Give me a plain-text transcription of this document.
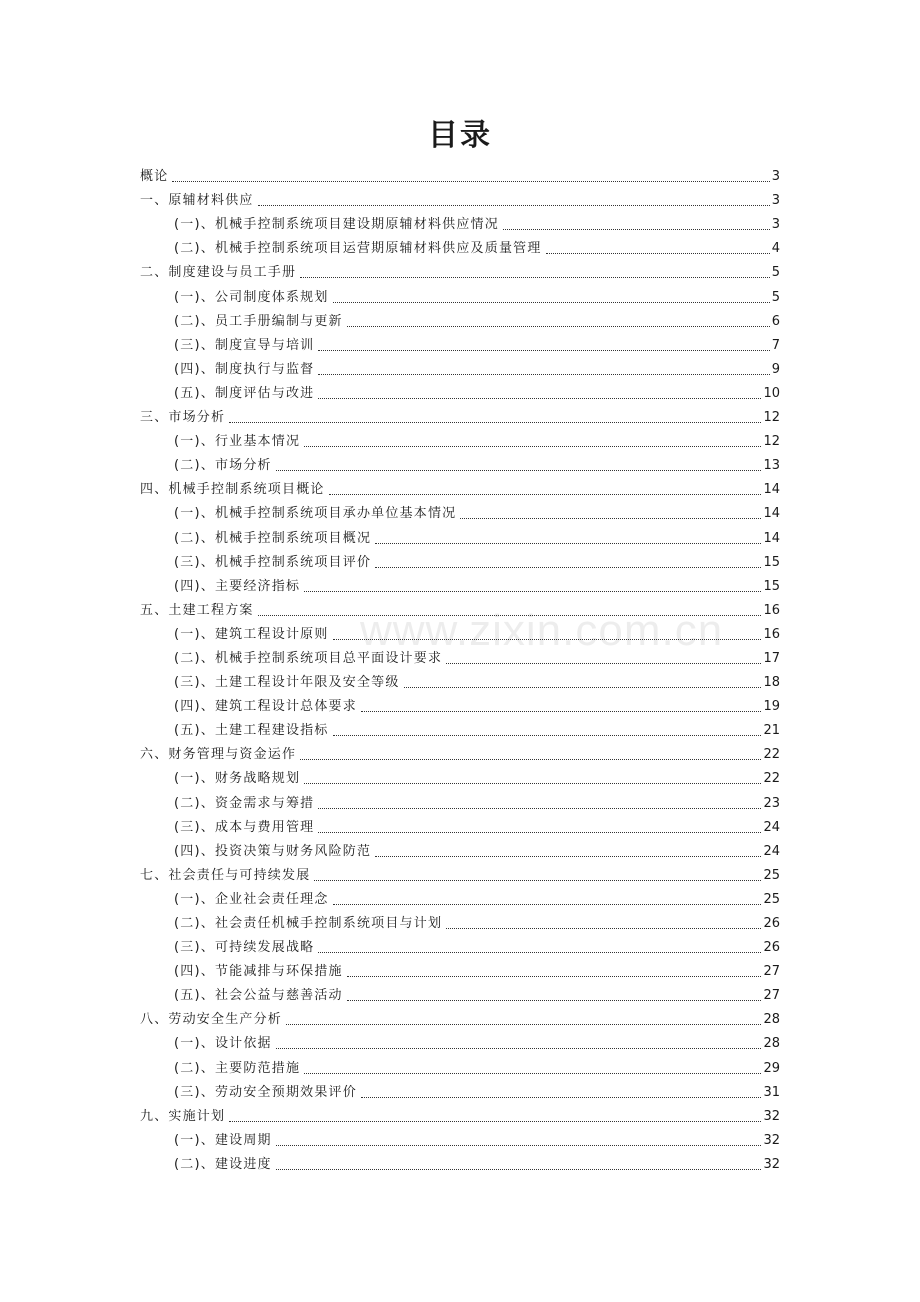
目录
概论	3
一、原辅材料供应	3
(一)、机械手控制系统项目建设期原辅材料供应情况	3
(二)、机械手控制系统项目运营期原辅材料供应及质量管理	4
二、制度建设与员工手册	5
(一)、公司制度体系规划	5
(二)、员工手册编制与更新	6
(三)、制度宣导与培训	7
(四)、制度执行与监督	9
(五)、制度评估与改进	10
三、市场分析	12
(一)、行业基本情况	12
(二)、市场分析	13
四、机械手控制系统项目概论	14
(一)、机械手控制系统项目承办单位基本情况	14
(二)、机械手控制系统项目概况	14
(三)、机械手控制系统项目评价	15
(四)、主要经济指标	15
五、土建工程方案	16
(一)、建筑工程设计原则	16
(二)、机械手控制系统项目总平面设计要求	17
(三)、土建工程设计年限及安全等级	18
(四)、建筑工程设计总体要求	19
(五)、土建工程建设指标	21
六、财务管理与资金运作	22
(一)、财务战略规划	22
(二)、资金需求与筹措	23
(三)、成本与费用管理	24
(四)、投资决策与财务风险防范	24
七、社会责任与可持续发展	25
(一)、企业社会责任理念	25
(二)、社会责任机械手控制系统项目与计划	26
(三)、可持续发展战略	26
(四)、节能减排与环保措施	27
(五)、社会公益与慈善活动	27
八、劳动安全生产分析	28
(一)、设计依据	28
(二)、主要防范措施	29
(三)、劳动安全预期效果评价	31
九、实施计划	32
(一)、建设周期	32
(二)、建设进度	32
www.zixin.com.cn
